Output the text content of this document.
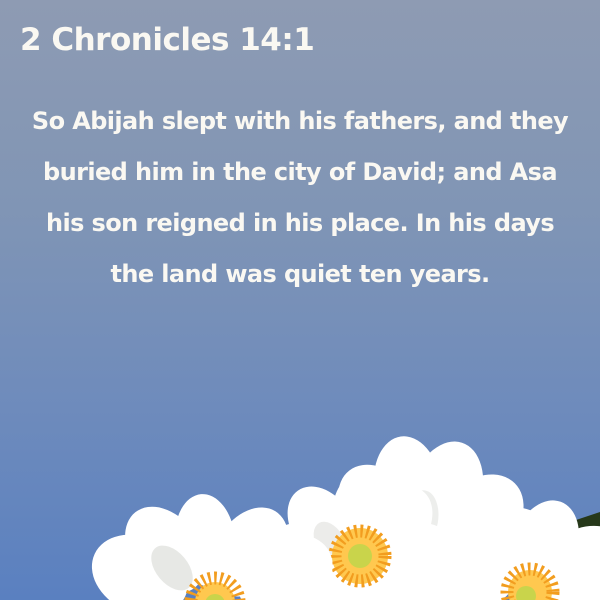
2 Chronicles 14:1
So Abijah slept with his fathers, and they
buried him in the city of David; and Asa
his son reigned in his place. In his days
the land was quiet ten years.
